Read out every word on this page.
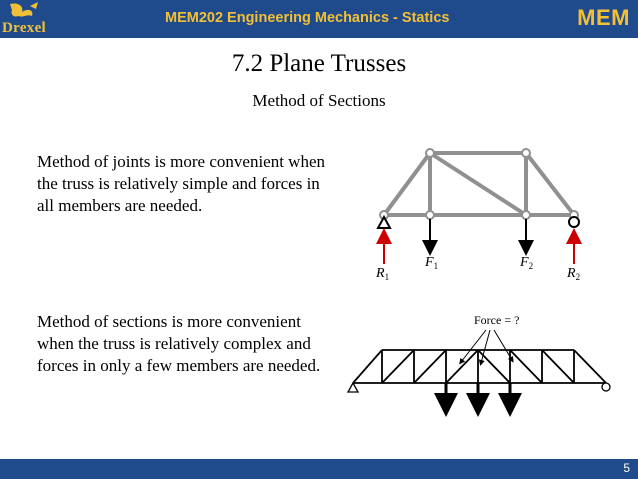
Drexel
MEM202 Engineering Mechanics - Statics	MEM
7.2 Plane Trusses
Method of Sections
Method of joints is more convenient when the truss is relatively simple and forces in all members are needed.
Method of sections is more convenient when the truss is relatively complex and forces in only a few members are needed.
$R_1$	$R_2$
$F_1$	$F_2$
Force = ?
5
